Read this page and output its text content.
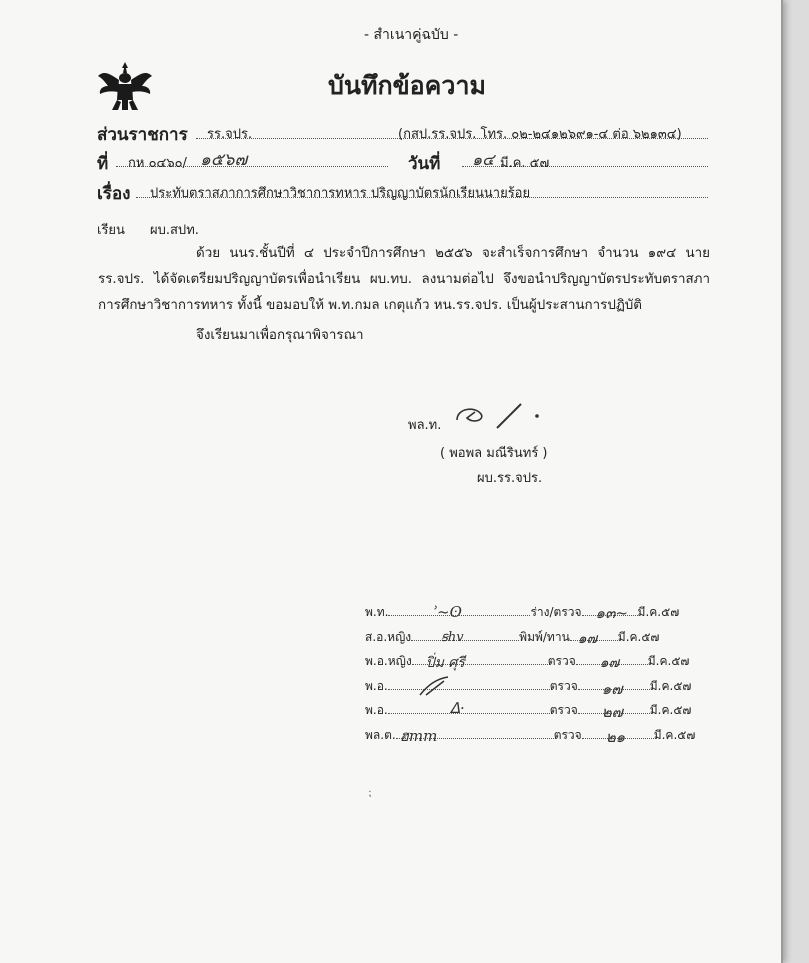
- สำเนาคู่ฉบับ -
บันทึกข้อความ
ส่วนราชการ รร.จปร.	(กสป.รร.จปร. โทร. ๐๒-๒๔๑๒๖๙๑-๔ ต่อ ๖๒๑๓๔)
ที่ กห ๐๔๖๐/ ๑๕๖๗	วันที่ ๑๔ มี.ค. ๕๗
เรื่อง ประทับตราสภาการศึกษาวิชาการทหาร ปริญญาบัตรนักเรียนนายร้อย
เรียน ผบ.สปท.
ด้วย นนร.ชั้นปีที่ ๔ ประจำปีการศึกษา ๒๕๕๖ จะสำเร็จการศึกษา จำนวน ๑๙๔ นาย รร.จปร. ได้จัดเตรียมปริญญาบัตรเพื่อนำเรียน ผบ.ทบ. ลงนามต่อไป จึงขอนำปริญญาบัตรประทับตราสภาการศึกษาวิชาการทหาร ทั้งนี้ ขอมอบให้ พ.ท.กมล เกตุแก้ว หน.รร.จปร. เป็นผู้ประสานการปฏิบัติ
จึงเรียนมาเพื่อกรุณาพิจารณา
พล.ท.
( พอพล มณีรินทร์ )
ผบ.รร.จปร.
พ.ท.	ʾ~ʘ	ร่าง/ตรวจ ๑๓~ มี.ค.๕๗
ส.อ.หญิง ꞩhv	พิมพ์/ทาน ๑๗ มี.ค.๕๗
พ.อ.หญิง ปิ่ม ศุรี	ตรวจ ๑๗ มี.ค.๕๗
พ.อ.	ตรวจ ๑๗ มี.ค.๕๗
พ.อ.	ᐃ·	ตรวจ ๒๗ มี.ค.๕๗
พล.ต. ฮmm	ตรวจ ๒๑ มี.ค.๕๗
⁏
